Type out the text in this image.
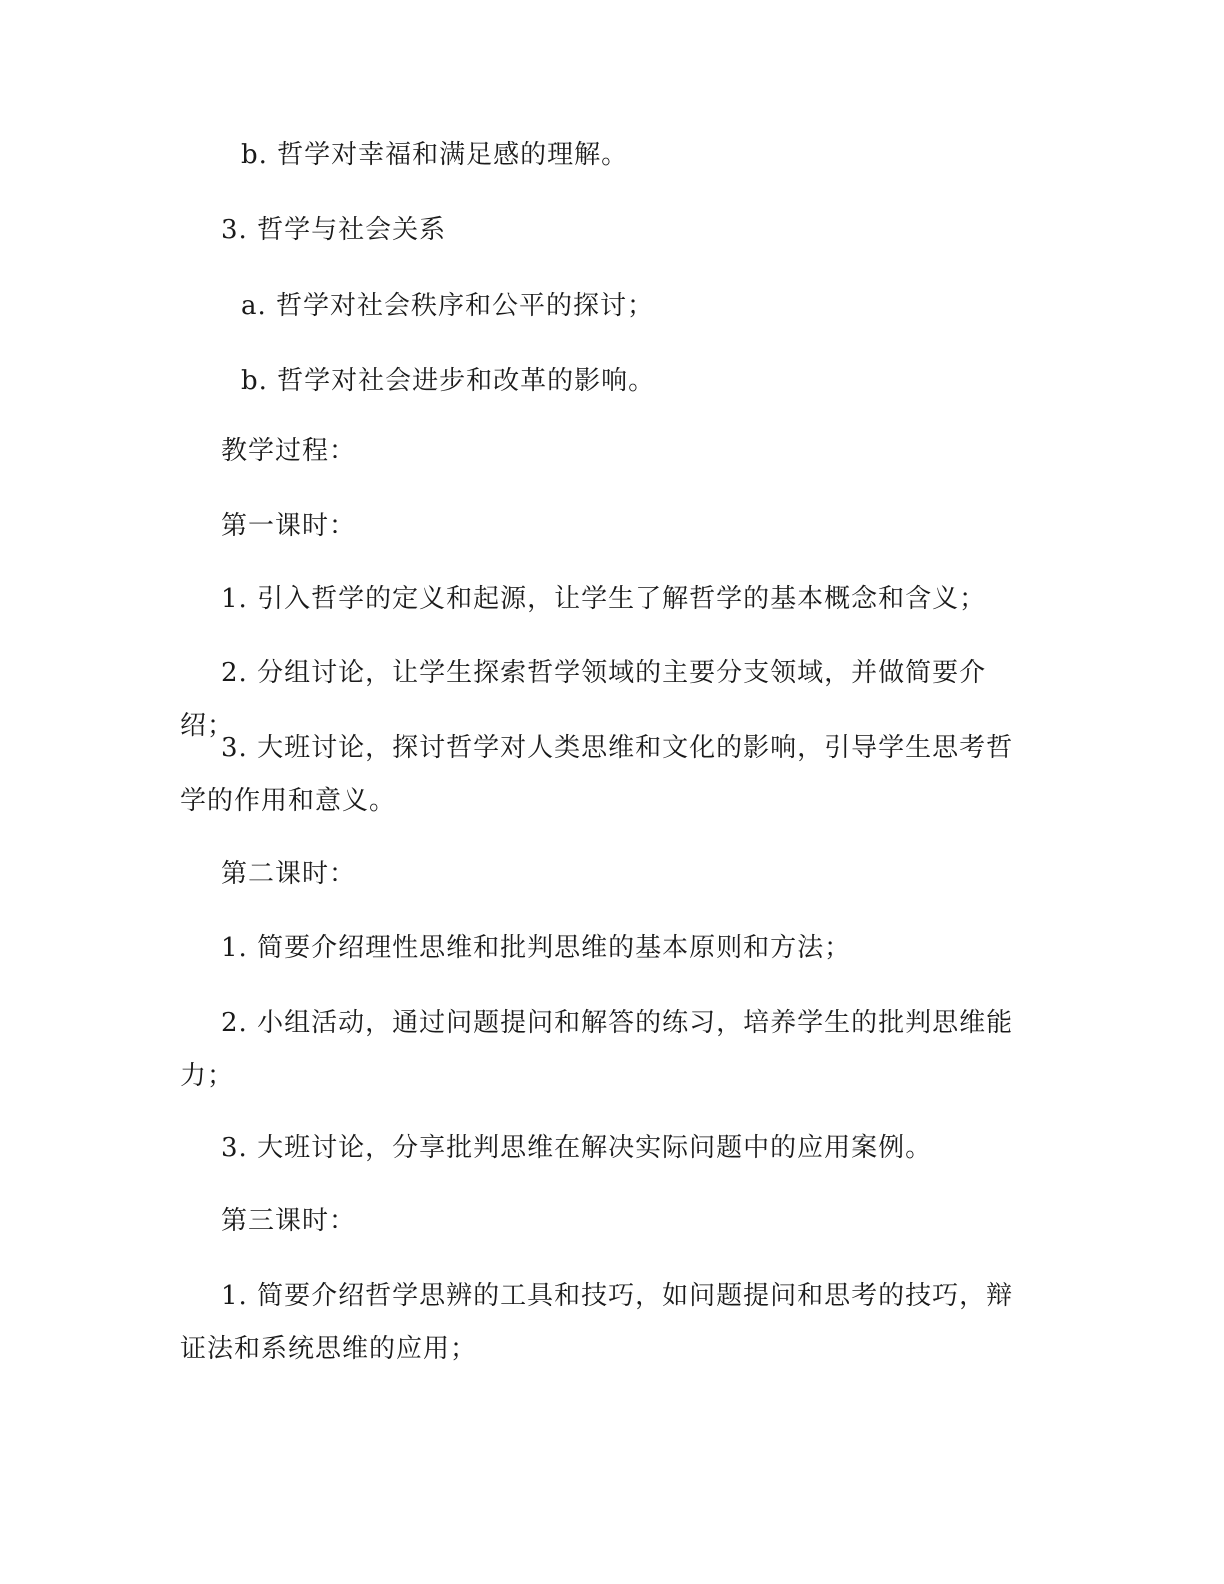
b. 哲学对幸福和满足感的理解。

3. 哲学与社会关系

a. 哲学对社会秩序和公平的探讨；

b. 哲学对社会进步和改革的影响。

教学过程：

第一课时：

1. 引入哲学的定义和起源，让学生了解哲学的基本概念和含义；

2. 分组讨论，让学生探索哲学领域的主要分支领域，并做简要介绍；

3. 大班讨论，探讨哲学对人类思维和文化的影响，引导学生思考哲学的作用和意义。

第二课时：

1. 简要介绍理性思维和批判思维的基本原则和方法；

2. 小组活动，通过问题提问和解答的练习，培养学生的批判思维能力；

3. 大班讨论，分享批判思维在解决实际问题中的应用案例。

第三课时：

1. 简要介绍哲学思辨的工具和技巧，如问题提问和思考的技巧，辩证法和系统思维的应用；
